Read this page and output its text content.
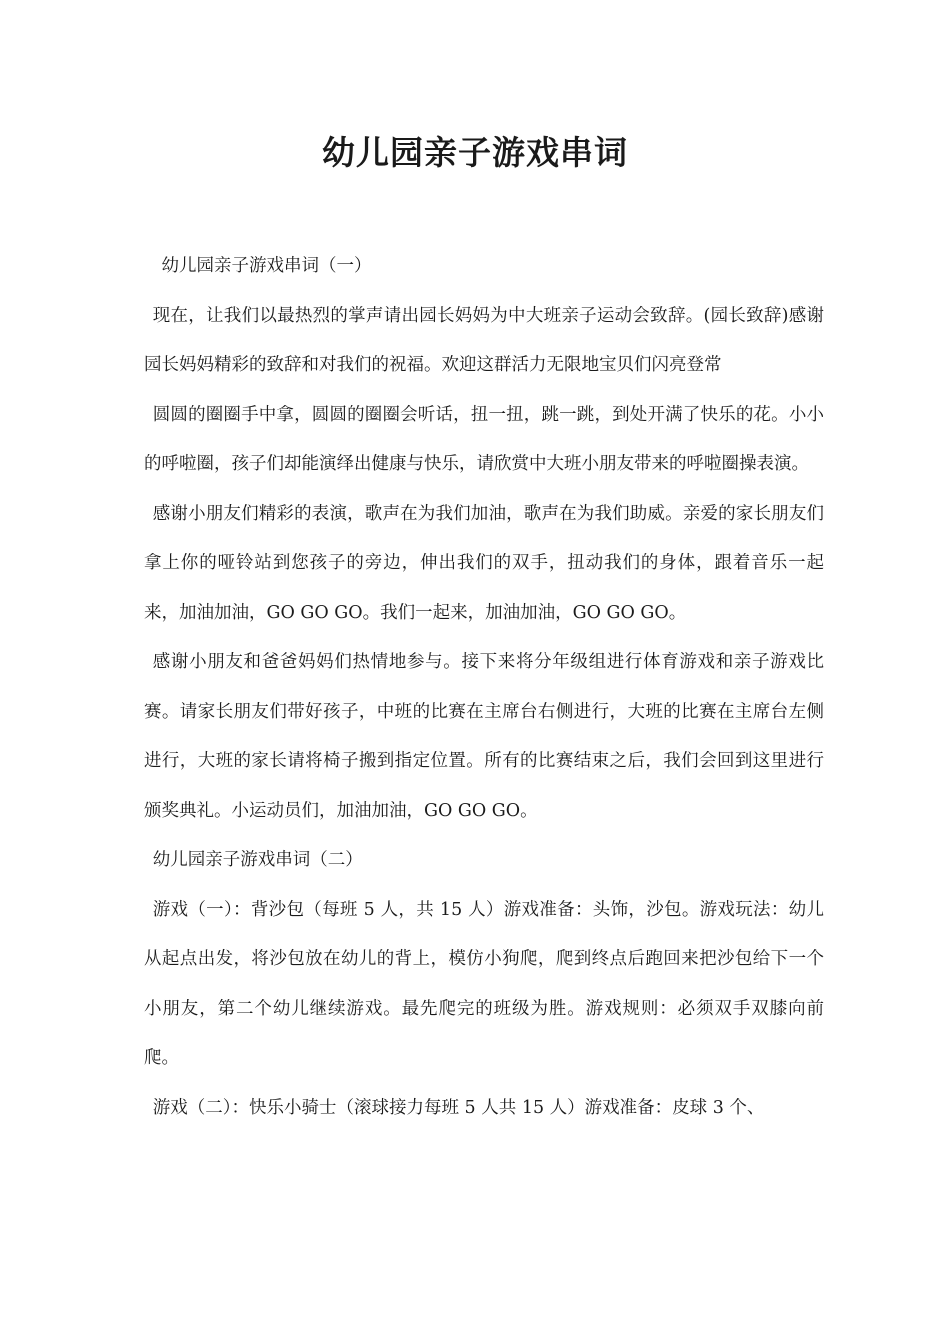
幼儿园亲子游戏串词

幼儿园亲子游戏串词（一）

现在，让我们以最热烈的掌声请出园长妈妈为中大班亲子运动会致辞。(园长致辞)感谢园长妈妈精彩的致辞和对我们的祝福。欢迎这群活力无限地宝贝们闪亮登常

圆圆的圈圈手中拿，圆圆的圈圈会听话，扭一扭，跳一跳，到处开满了快乐的花。小小的呼啦圈，孩子们却能演绎出健康与快乐，请欣赏中大班小朋友带来的呼啦圈操表演。

感谢小朋友们精彩的表演，歌声在为我们加油，歌声在为我们助威。亲爱的家长朋友们拿上你的哑铃站到您孩子的旁边，伸出我们的双手，扭动我们的身体，跟着音乐一起来，加油加油，GO GO GO。我们一起来，加油加油，GO GO GO。

感谢小朋友和爸爸妈妈们热情地参与。接下来将分年级组进行体育游戏和亲子游戏比赛。请家长朋友们带好孩子，中班的比赛在主席台右侧进行，大班的比赛在主席台左侧进行，大班的家长请将椅子搬到指定位置。所有的比赛结束之后，我们会回到这里进行颁奖典礼。小运动员们，加油加油，GO GO GO。

幼儿园亲子游戏串词（二）

游戏（一）：背沙包（每班 5 人，共 15 人）游戏准备：头饰，沙包。游戏玩法：幼儿从起点出发，将沙包放在幼儿的背上，模仿小狗爬，爬到终点后跑回来把沙包给下一个小朋友，第二个幼儿继续游戏。最先爬完的班级为胜。游戏规则：必须双手双膝向前爬。

游戏（二）：快乐小骑士（滚球接力每班 5 人共 15 人）游戏准备：皮球 3 个、
